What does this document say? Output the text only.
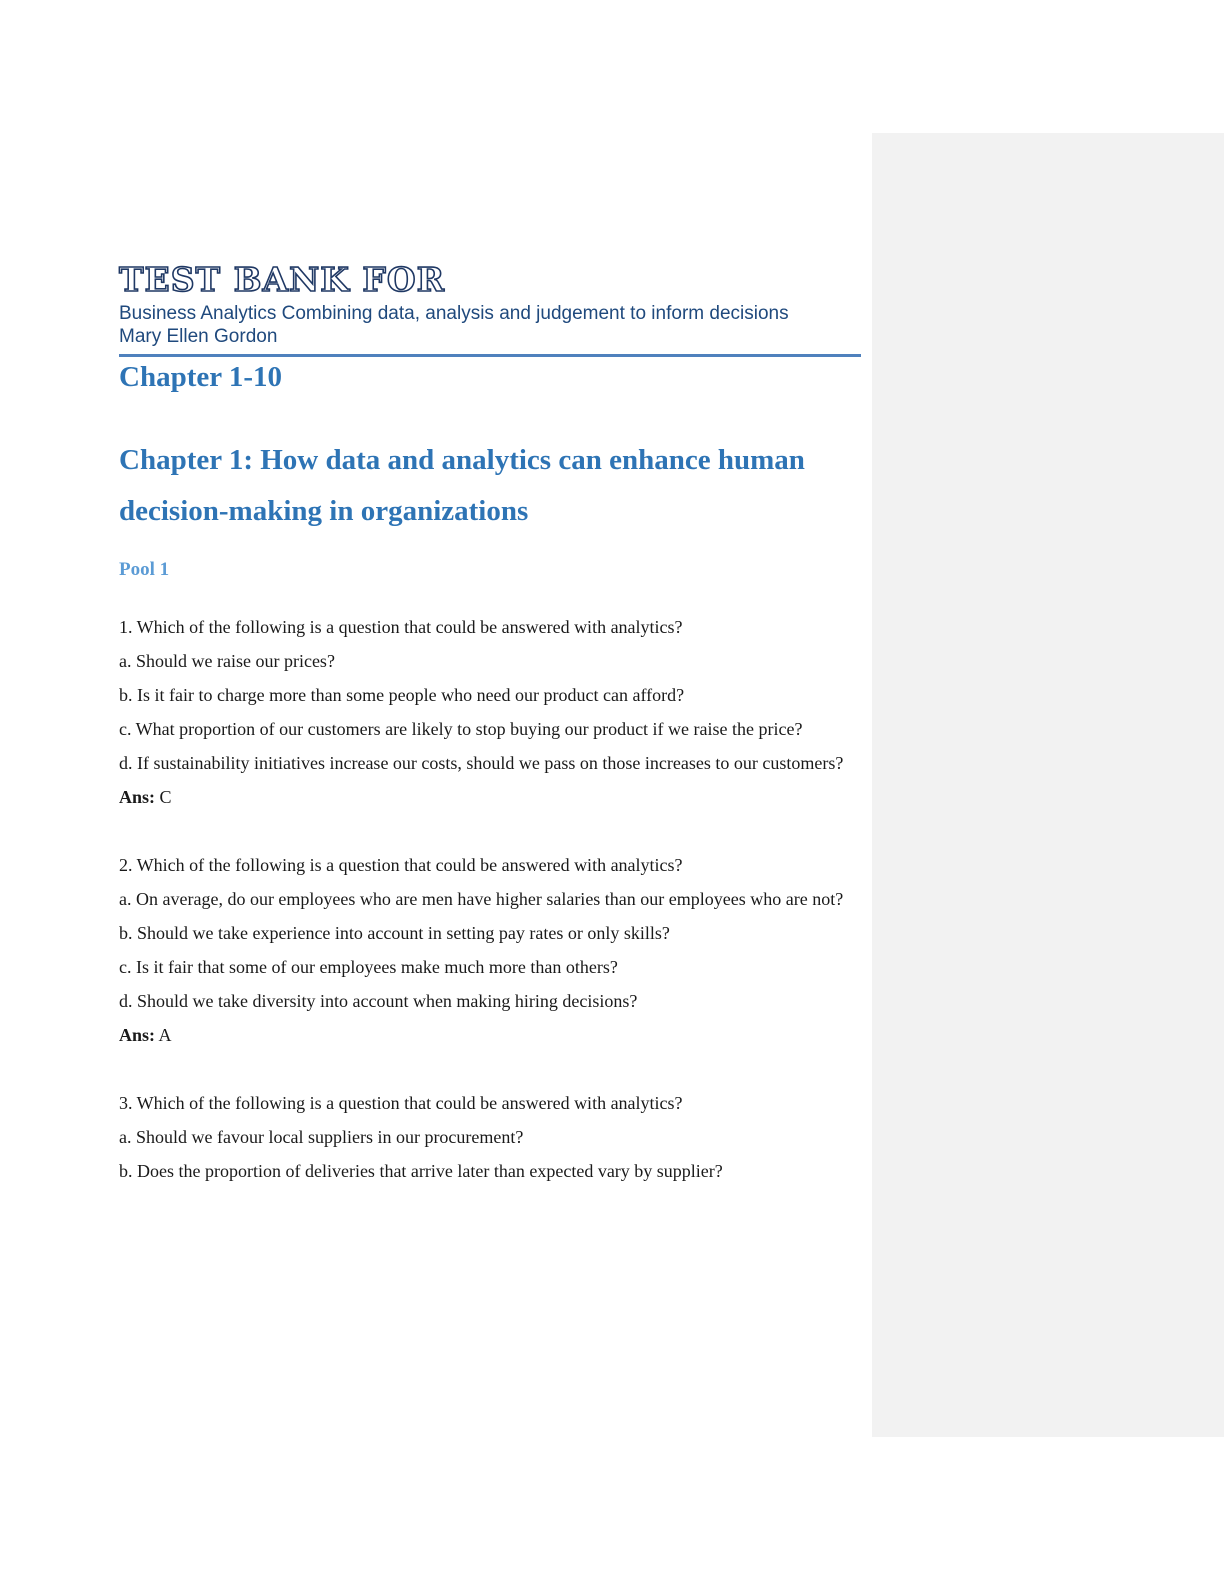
TEST BANK FOR
Business Analytics Combining data, analysis and judgement to inform decisions
Mary Ellen Gordon
Chapter 1-10
Chapter 1: How data and analytics can enhance human decision-making in organizations
Pool 1

1. Which of the following is a question that could be answered with analytics?

a. Should we raise our prices?

b. Is it fair to charge more than some people who need our product can afford?

c. What proportion of our customers are likely to stop buying our product if we raise the price?

d. If sustainability initiatives increase our costs, should we pass on those increases to our customers?

Ans: C

2. Which of the following is a question that could be answered with analytics?

a. On average, do our employees who are men have higher salaries than our employees who are not?

b. Should we take experience into account in setting pay rates or only skills?

c. Is it fair that some of our employees make much more than others?

d. Should we take diversity into account when making hiring decisions?

Ans: A

3. Which of the following is a question that could be answered with analytics?

a. Should we favour local suppliers in our procurement?

b. Does the proportion of deliveries that arrive later than expected vary by supplier?
